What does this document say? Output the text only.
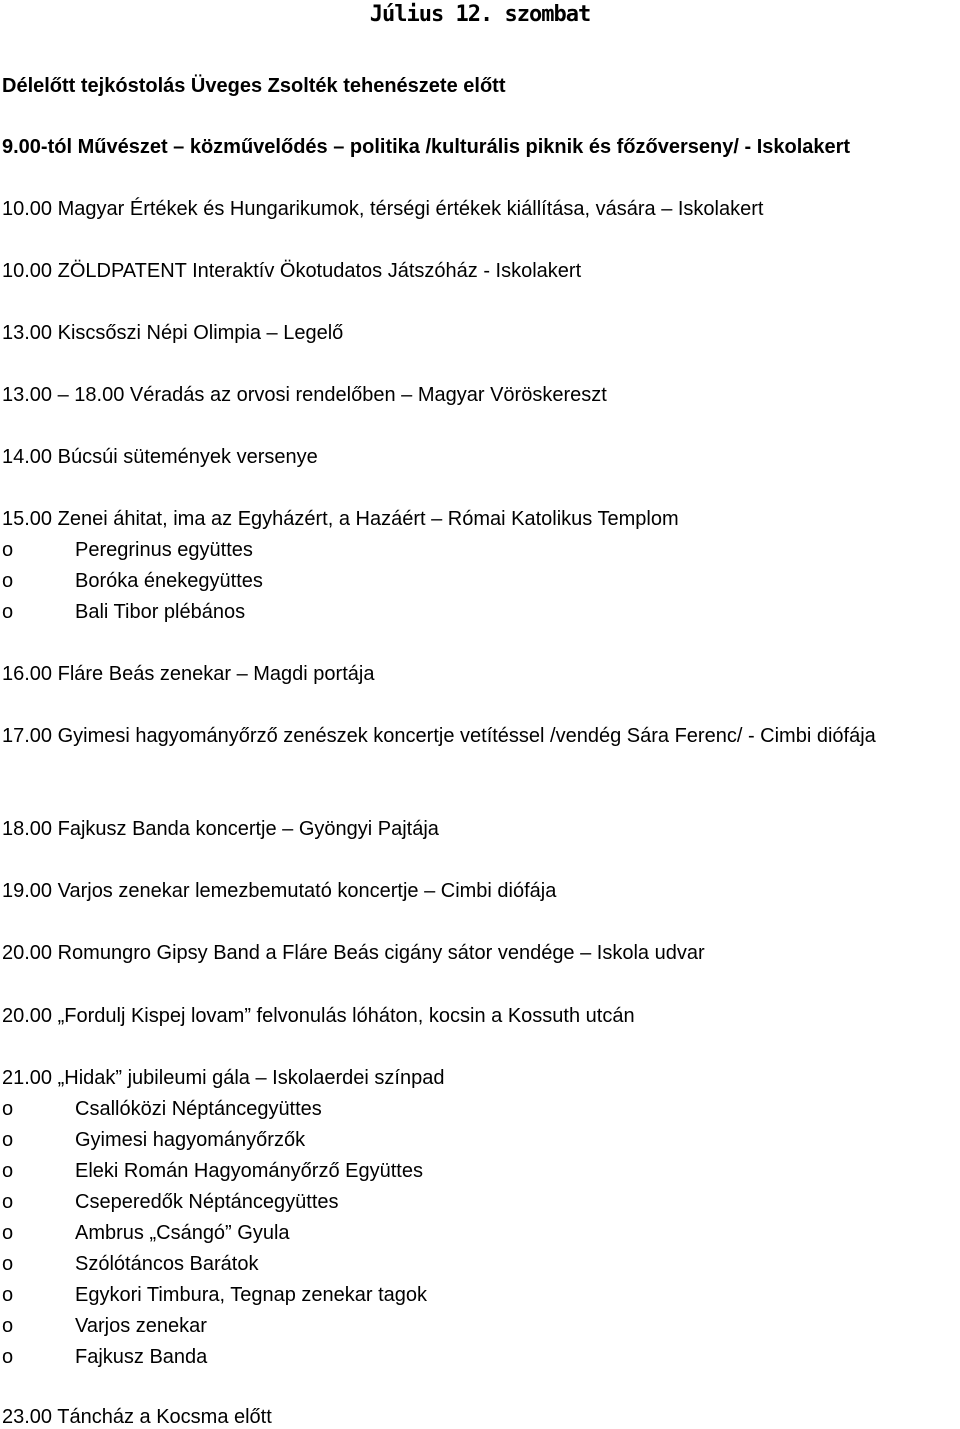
Július 12. szombat
Délelőtt tejkóstolás Üveges Zsolték tehenészete előtt
9.00-tól Művészet – közművelődés – politika /kulturális piknik és főzőverseny/ - Iskolakert
10.00 Magyar Értékek és Hungarikumok, térségi értékek kiállítása, vására – Iskolakert
10.00 ZÖLDPATENT Interaktív Ökotudatos Játszóház - Iskolakert
13.00 Kiscsőszi Népi Olimpia – Legelő
13.00 – 18.00 Véradás az orvosi rendelőben – Magyar Vöröskereszt
14.00 Búcsúi sütemények versenye
15.00 Zenei áhitat, ima az Egyházért, a Hazáért – Római Katolikus Templom
o	Peregrinus együttes
o	Boróka énekegyüttes
o	Bali Tibor plébános
16.00 Fláre Beás zenekar – Magdi portája
17.00 Gyimesi hagyományőrző zenészek koncertje vetítéssel /vendég Sára Ferenc/ - Cimbi diófája
18.00 Fajkusz Banda koncertje – Gyöngyi Pajtája
19.00 Varjos zenekar lemezbemutató koncertje – Cimbi diófája
20.00 Romungro Gipsy Band a Fláre Beás cigány sátor vendége – Iskola udvar
20.00 „Fordulj Kispej lovam” felvonulás lóháton, kocsin a Kossuth utcán
21.00 „Hidak” jubileumi gála – Iskolaerdei színpad
o	Csallóközi Néptáncegyüttes
o	Gyimesi hagyományőrzők
o	Eleki Román Hagyományőrző Együttes
o	Cseperedők Néptáncegyüttes
o	Ambrus „Csángó” Gyula
o	Szólótáncos Barátok
o	Egykori Timbura, Tegnap zenekar tagok
o	Varjos zenekar
o	Fajkusz Banda
23.00 Táncház a Kocsma előtt
